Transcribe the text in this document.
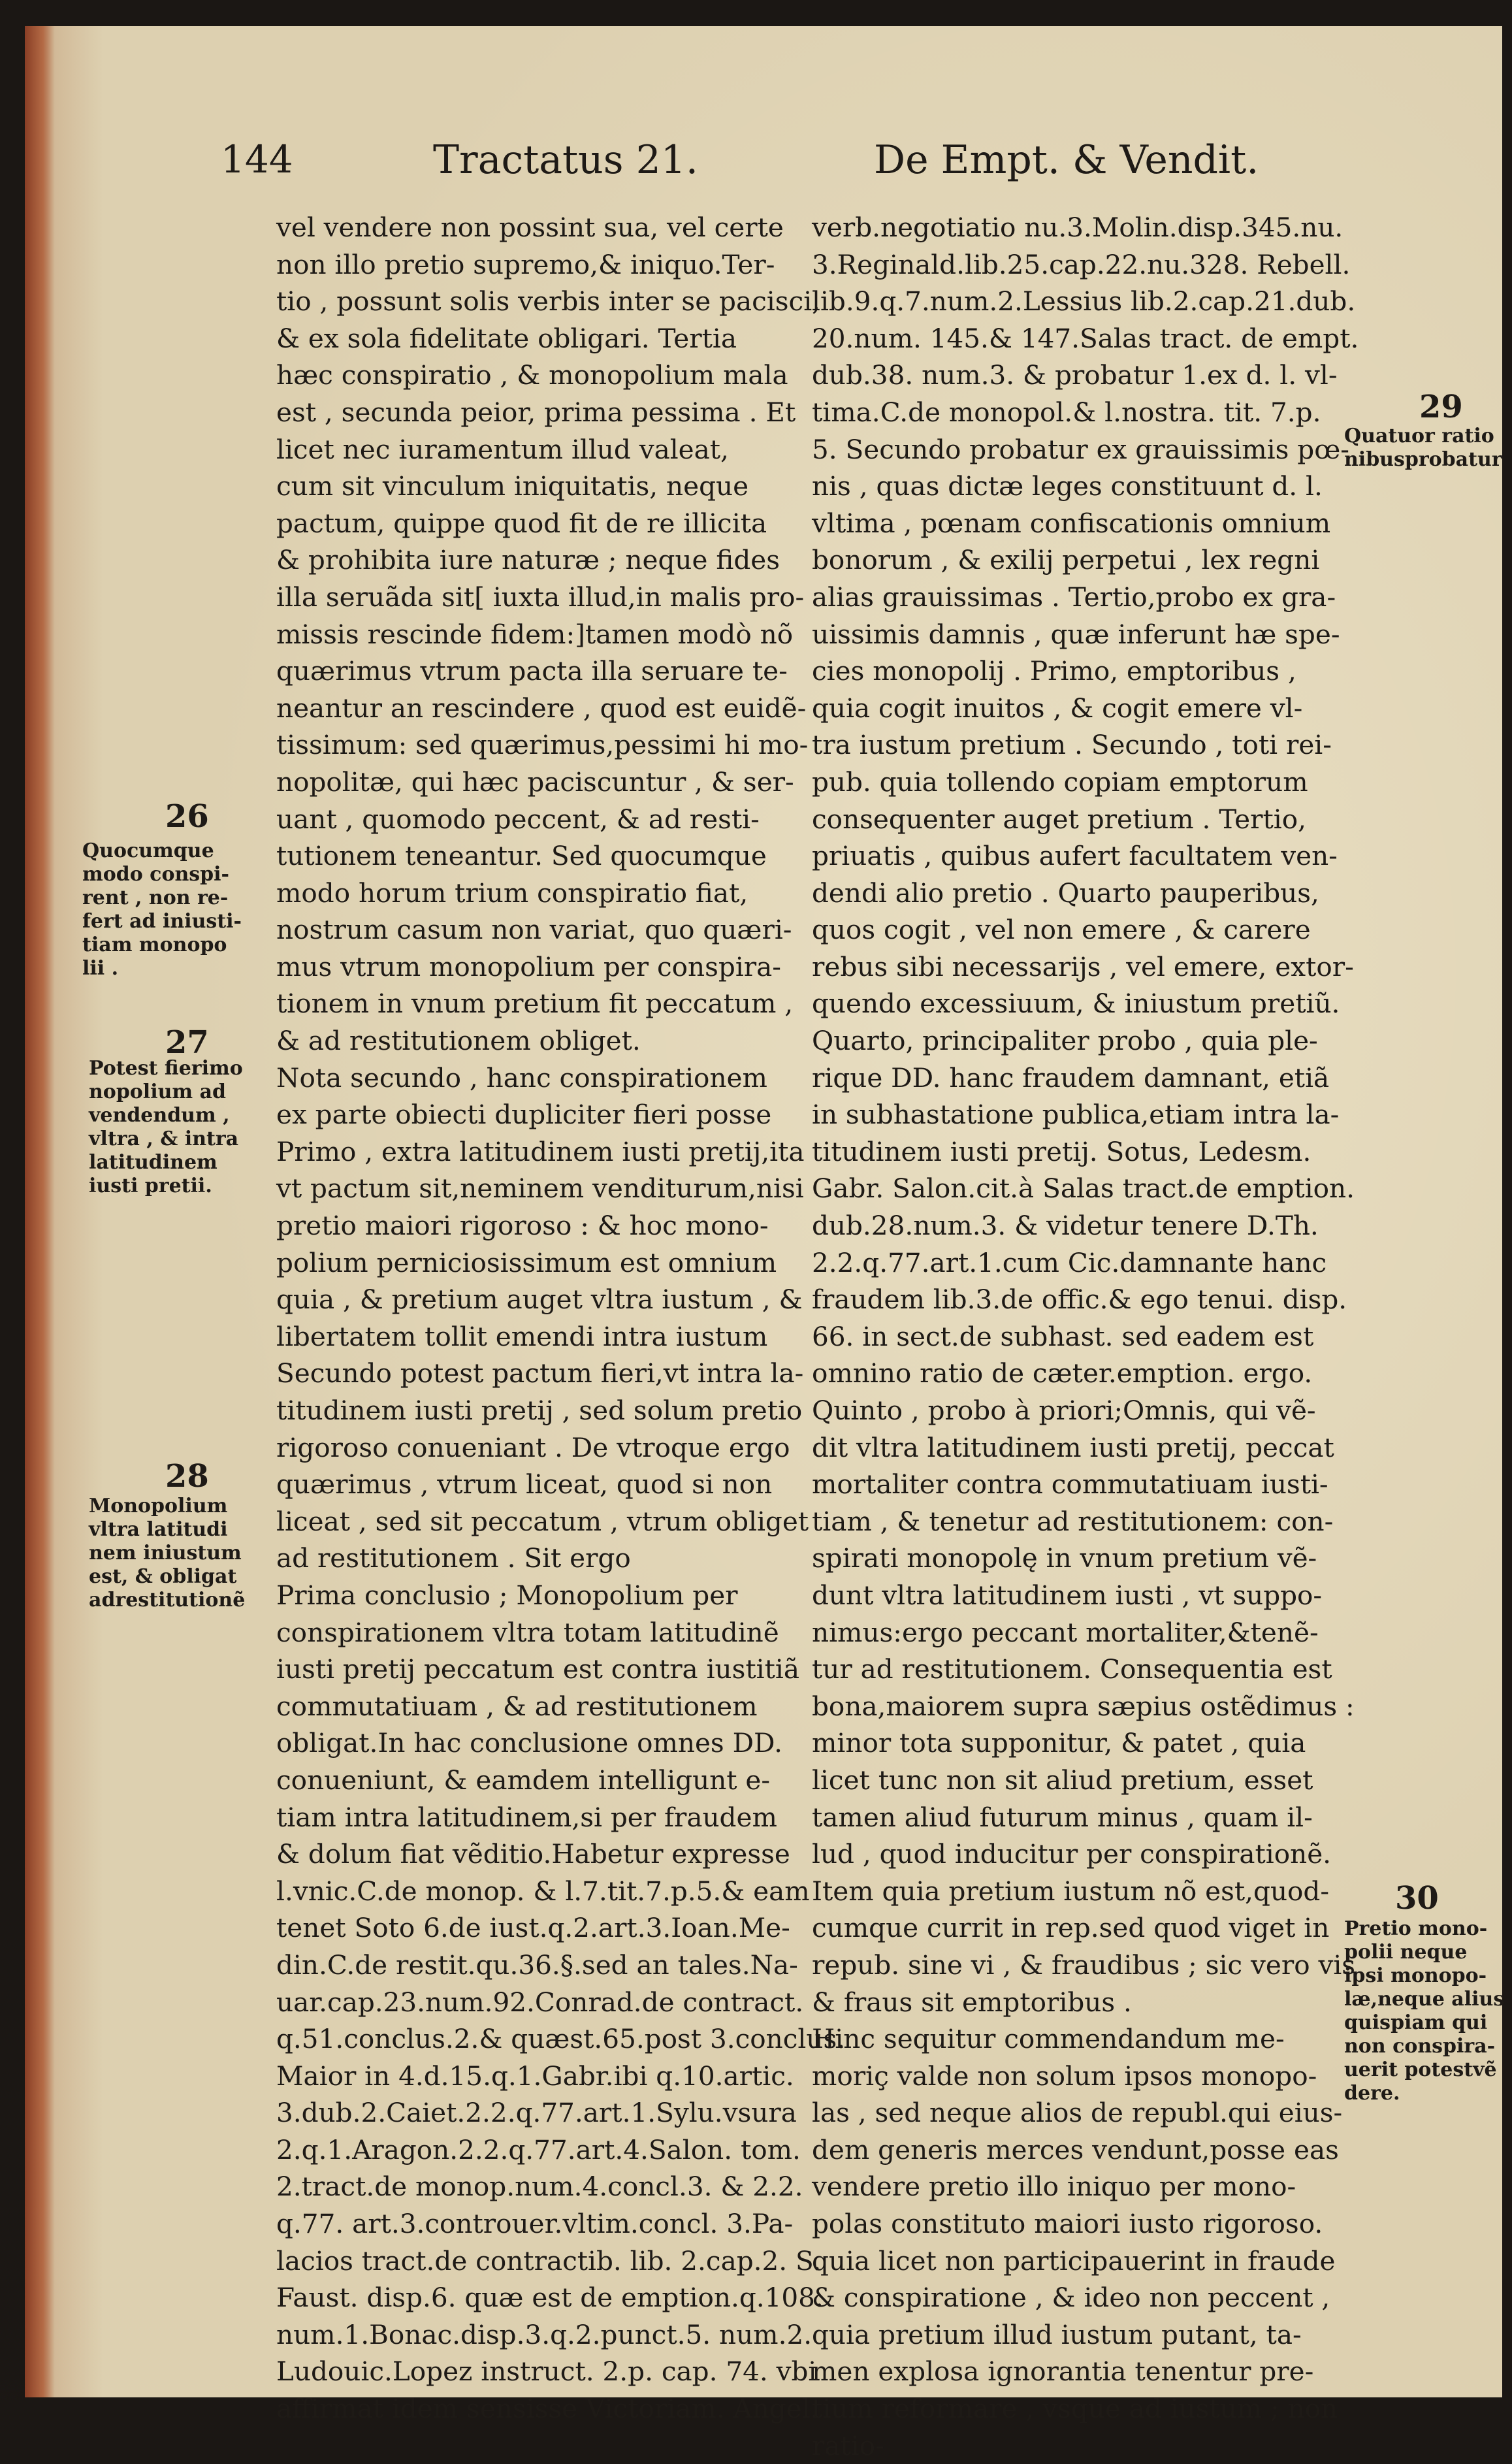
144	Tractatus 21.	De Empt. & Vendit.
vel vendere non possint sua, vel certe
non illo pretio supremo,& iniquo.Ter-
tio , possunt solis verbis inter se pacisci,
& ex sola fidelitate obligari. Tertia
hæc conspiratio , & monopolium mala
est , secunda peior, prima pessima . Et
licet nec iuramentum illud valeat,
cum sit vinculum iniquitatis, neque
pactum, quippe quod fit de re illicita
& prohibita iure naturæ ; neque fides
illa seruãda sit[ iuxta illud,in malis pro-
missis rescinde fidem:]tamen modò nõ
quærimus vtrum pacta illa seruare te-
neantur an rescindere , quod est euidẽ-
tissimum: sed quærimus,pessimi hi mo-
nopolitæ, qui hæc paciscuntur , & ser-
uant , quomodo peccent, & ad resti-
tutionem teneantur. Sed quocumque
modo horum trium conspiratio fiat,
nostrum casum non variat, quo quæri-
mus vtrum monopolium per conspira-
tionem in vnum pretium fit peccatum ,
& ad restitutionem obliget.
Nota secundo , hanc conspirationem
ex parte obiecti dupliciter fieri posse
Primo , extra latitudinem iusti pretij,ita
vt pactum sit,neminem venditurum,nisi
pretio maiori rigoroso : & hoc mono-
polium perniciosissimum est omnium
quia , & pretium auget vltra iustum , &
libertatem tollit emendi intra iustum
Secundo potest pactum fieri,vt intra la-
titudinem iusti pretij , sed solum pretio
rigoroso conueniant . De vtroque ergo
quærimus , vtrum liceat, quod si non
liceat , sed sit peccatum , vtrum obliget
ad restitutionem . Sit ergo
Prima conclusio ; Monopolium per
conspirationem vltra totam latitudinẽ
iusti pretij peccatum est contra iustitiã
commutatiuam , & ad restitutionem
obligat.In hac conclusione omnes DD.
conueniunt, & eamdem intelligunt e-
tiam intra latitudinem,si per fraudem
& dolum fiat vẽditio.Habetur expresse
l.vnic.C.de monop. & l.7.tit.7.p.5.& eam
tenet Soto 6.de iust.q.2.art.3.Ioan.Me-
din.C.de restit.qu.36.§.sed an tales.Na-
uar.cap.23.num.92.Conrad.de contract.
q.51.conclus.2.& quæst.65.post 3.conclus.
Maior in 4.d.15.q.1.Gabr.ibi q.10.artic.
3.dub.2.Caiet.2.2.q.77.art.1.Sylu.vsura
2.q.1.Aragon.2.2.q.77.art.4.Salon. tom.
2.tract.de monop.num.4.concl.3. & 2.2.
q.77. art.3.controuer.vltim.concl. 3.Pa-
lacios tract.de contractib. lib. 2.cap.2. S.
Faust. disp.6. quæ est de emption.q.108.
num.1.Bonac.disp.3.q.2.punct.5. num.2.
Ludouic.Lopez instruct. 2.p. cap. 74. vbi
affirmat idem sensisse Victoriam. Angel.
verb.negotiatio nu.3.Molin.disp.345.nu.
3.Reginald.lib.25.cap.22.nu.328. Rebell.
lib.9.q.7.num.2.Lessius lib.2.cap.21.dub.
20.num. 145.& 147.Salas tract. de empt.
dub.38. num.3. & probatur 1.ex d. l. vl-
tima.C.de monopol.& l.nostra. tit. 7.p.
5. Secundo probatur ex grauissimis pœ-
nis , quas dictæ leges constituunt d. l.
vltima , pœnam confiscationis omnium
bonorum , & exilij perpetui , lex regni
alias grauissimas . Tertio,probo ex gra-
uissimis damnis , quæ inferunt hæ spe-
cies monopolij . Primo, emptoribus ,
quia cogit inuitos , & cogit emere vl-
tra iustum pretium . Secundo , toti rei-
pub. quia tollendo copiam emptorum
consequenter auget pretium . Tertio,
priuatis , quibus aufert facultatem ven-
dendi alio pretio . Quarto pauperibus,
quos cogit , vel non emere , & carere
rebus sibi necessarijs , vel emere, extor-
quendo excessiuum, & iniustum pretiũ.
Quarto, principaliter probo , quia ple-
rique DD. hanc fraudem damnant, etiã
in subhastatione publica,etiam intra la-
titudinem iusti pretij. Sotus, Ledesm.
Gabr. Salon.cit.à Salas tract.de emption.
dub.28.num.3. & videtur tenere D.Th.
2.2.q.77.art.1.cum Cic.damnante hanc
fraudem lib.3.de offic.& ego tenui. disp.
66. in sect.de subhast. sed eadem est
omnino ratio de cæter.emption. ergo.
Quinto , probo à priori;Omnis, qui vẽ-
dit vltra latitudinem iusti pretij, peccat
mortaliter contra commutatiuam iusti-
tiam , & tenetur ad restitutionem: con-
spirati monopolę in vnum pretium vẽ-
dunt vltra latitudinem iusti , vt suppo-
nimus:ergo peccant mortaliter,&tenẽ-
tur ad restitutionem. Consequentia est
bona,maiorem supra sæpius ostẽdimus :
minor tota supponitur, & patet , quia
licet tunc non sit aliud pretium, esset
tamen aliud futurum minus , quam il-
lud , quod inducitur per conspirationẽ.
Item quia pretium iustum nõ est,quod-
cumque currit in rep.sed quod viget in
repub. sine vi , & fraudibus ; sic vero vis
& fraus sit emptoribus .
Hinc sequitur commendandum me-
moriç valde non solum ipsos monopo-
las , sed neque alios de republ.qui eius-
dem generis merces vendunt,posse eas
vendere pretio illo iniquo per mono-
polas constituto maiori iusto rigoroso.
quia licet non participauerint in fraude
& conspiratione , & ideo non peccent ,
quia pretium illud iustum putant, ta-
men explosa ignorantia tenentur pre-
tium reformare , vsque ad iustum ; non
ratio-
26
Quocumque
modo conspi-
rent , non re-
fert ad iniusti-
tiam monopo
lii .
27
Potest fierimo
nopolium ad
vendendum ,
vltra , & intra
latitudinem
iusti pretii.
28
Monopolium
vltra latitudi
nem iniustum
est, & obligat
adrestitutionẽ
29
Quatuor ratio
nibusprobatur
30
Pretio mono-
polii neque
ipsi monopo-
læ,neque alius
quispiam qui
non conspira-
uerit potestvẽ
dere.
